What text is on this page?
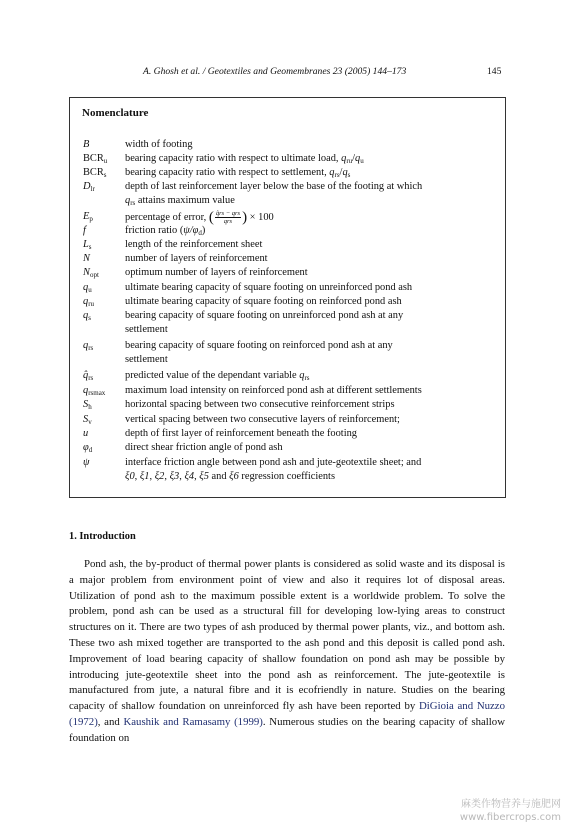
A. Ghosh et al. / Geotextiles and Geomembranes 23 (2005) 144–173	145
Nomenclature
B	width of footing
$BCR_u$ bearing capacity ratio with respect to ultimate load, $q_{ru}/q_u$
$BCR_s$ bearing capacity ratio with respect to settlement, $q_{rs}/q_s$
$D_{lr}$	depth of last reinforcement layer below the base of the footing at which
$q_{rs}$ attains maximum value
$E_p$	percentage of error, ( $\frac{\text{q̂rs − qrs}}{\text{qrs}}$ ) × 100
f	friction ratio $(\psi/\varphi_d)$
$L_s$	length of the reinforcement sheet
N	number of layers of reinforcement
$N_{opt}$	optimum number of layers of reinforcement
$q_u$	ultimate bearing capacity of square footing on unreinforced pond ash
$q_{ru}$	ultimate bearing capacity of square footing on reinforced pond ash
$q_s$	bearing capacity of square footing on unreinforced pond ash at any
settlement
$q_{rs}$	bearing capacity of square footing on reinforced pond ash at any
settlement
$q̂_{rs}$	predicted value of the dependant variable $q_{rs}$
$q_{rsmax}$ maximum load intensity on reinforced pond ash at different settlements
$S_h$	horizontal spacing between two consecutive reinforcement strips
$S_v$	vertical spacing between two consecutive layers of reinforcement;
u	depth of first layer of reinforcement beneath the footing
$\varphi_d$	direct shear friction angle of pond ash
ψ	interface friction angle between pond ash and jute-geotextile sheet; and
ξ0, ξ1, ξ2, ξ3, ξ4, ξ5 and ξ6 regression coefficients
1. Introduction

Pond ash, the by-product of thermal power plants is considered as solid waste and its disposal is a major problem from environment point of view and also it requires lot of disposal areas. Utilization of pond ash to the maximum possible extent is a worldwide problem. To solve the problem, pond ash can be used as a structural fill for developing low-lying areas to construct structures on it. There are two types of ash produced by thermal power plants, viz., and bottom ash. These two ash mixed together are transported to the ash pond and this deposit is called pond ash. Improvement of load bearing capacity of shallow foundation on pond ash may be possible by introducing jute-geotextile sheet into the pond ash as reinforcement. The jute-geotextile is manufactured from jute, a natural fibre and it is ecofriendly in nature. Studies on the bearing capacity of shallow foundation on unreinforced fly ash have been reported by DiGioia and Nuzzo (1972), and Kaushik and Ramasamy (1999). Numerous studies on the bearing capacity of shallow foundation on

麻类作物营养与施肥网
www.fibercrops.com
